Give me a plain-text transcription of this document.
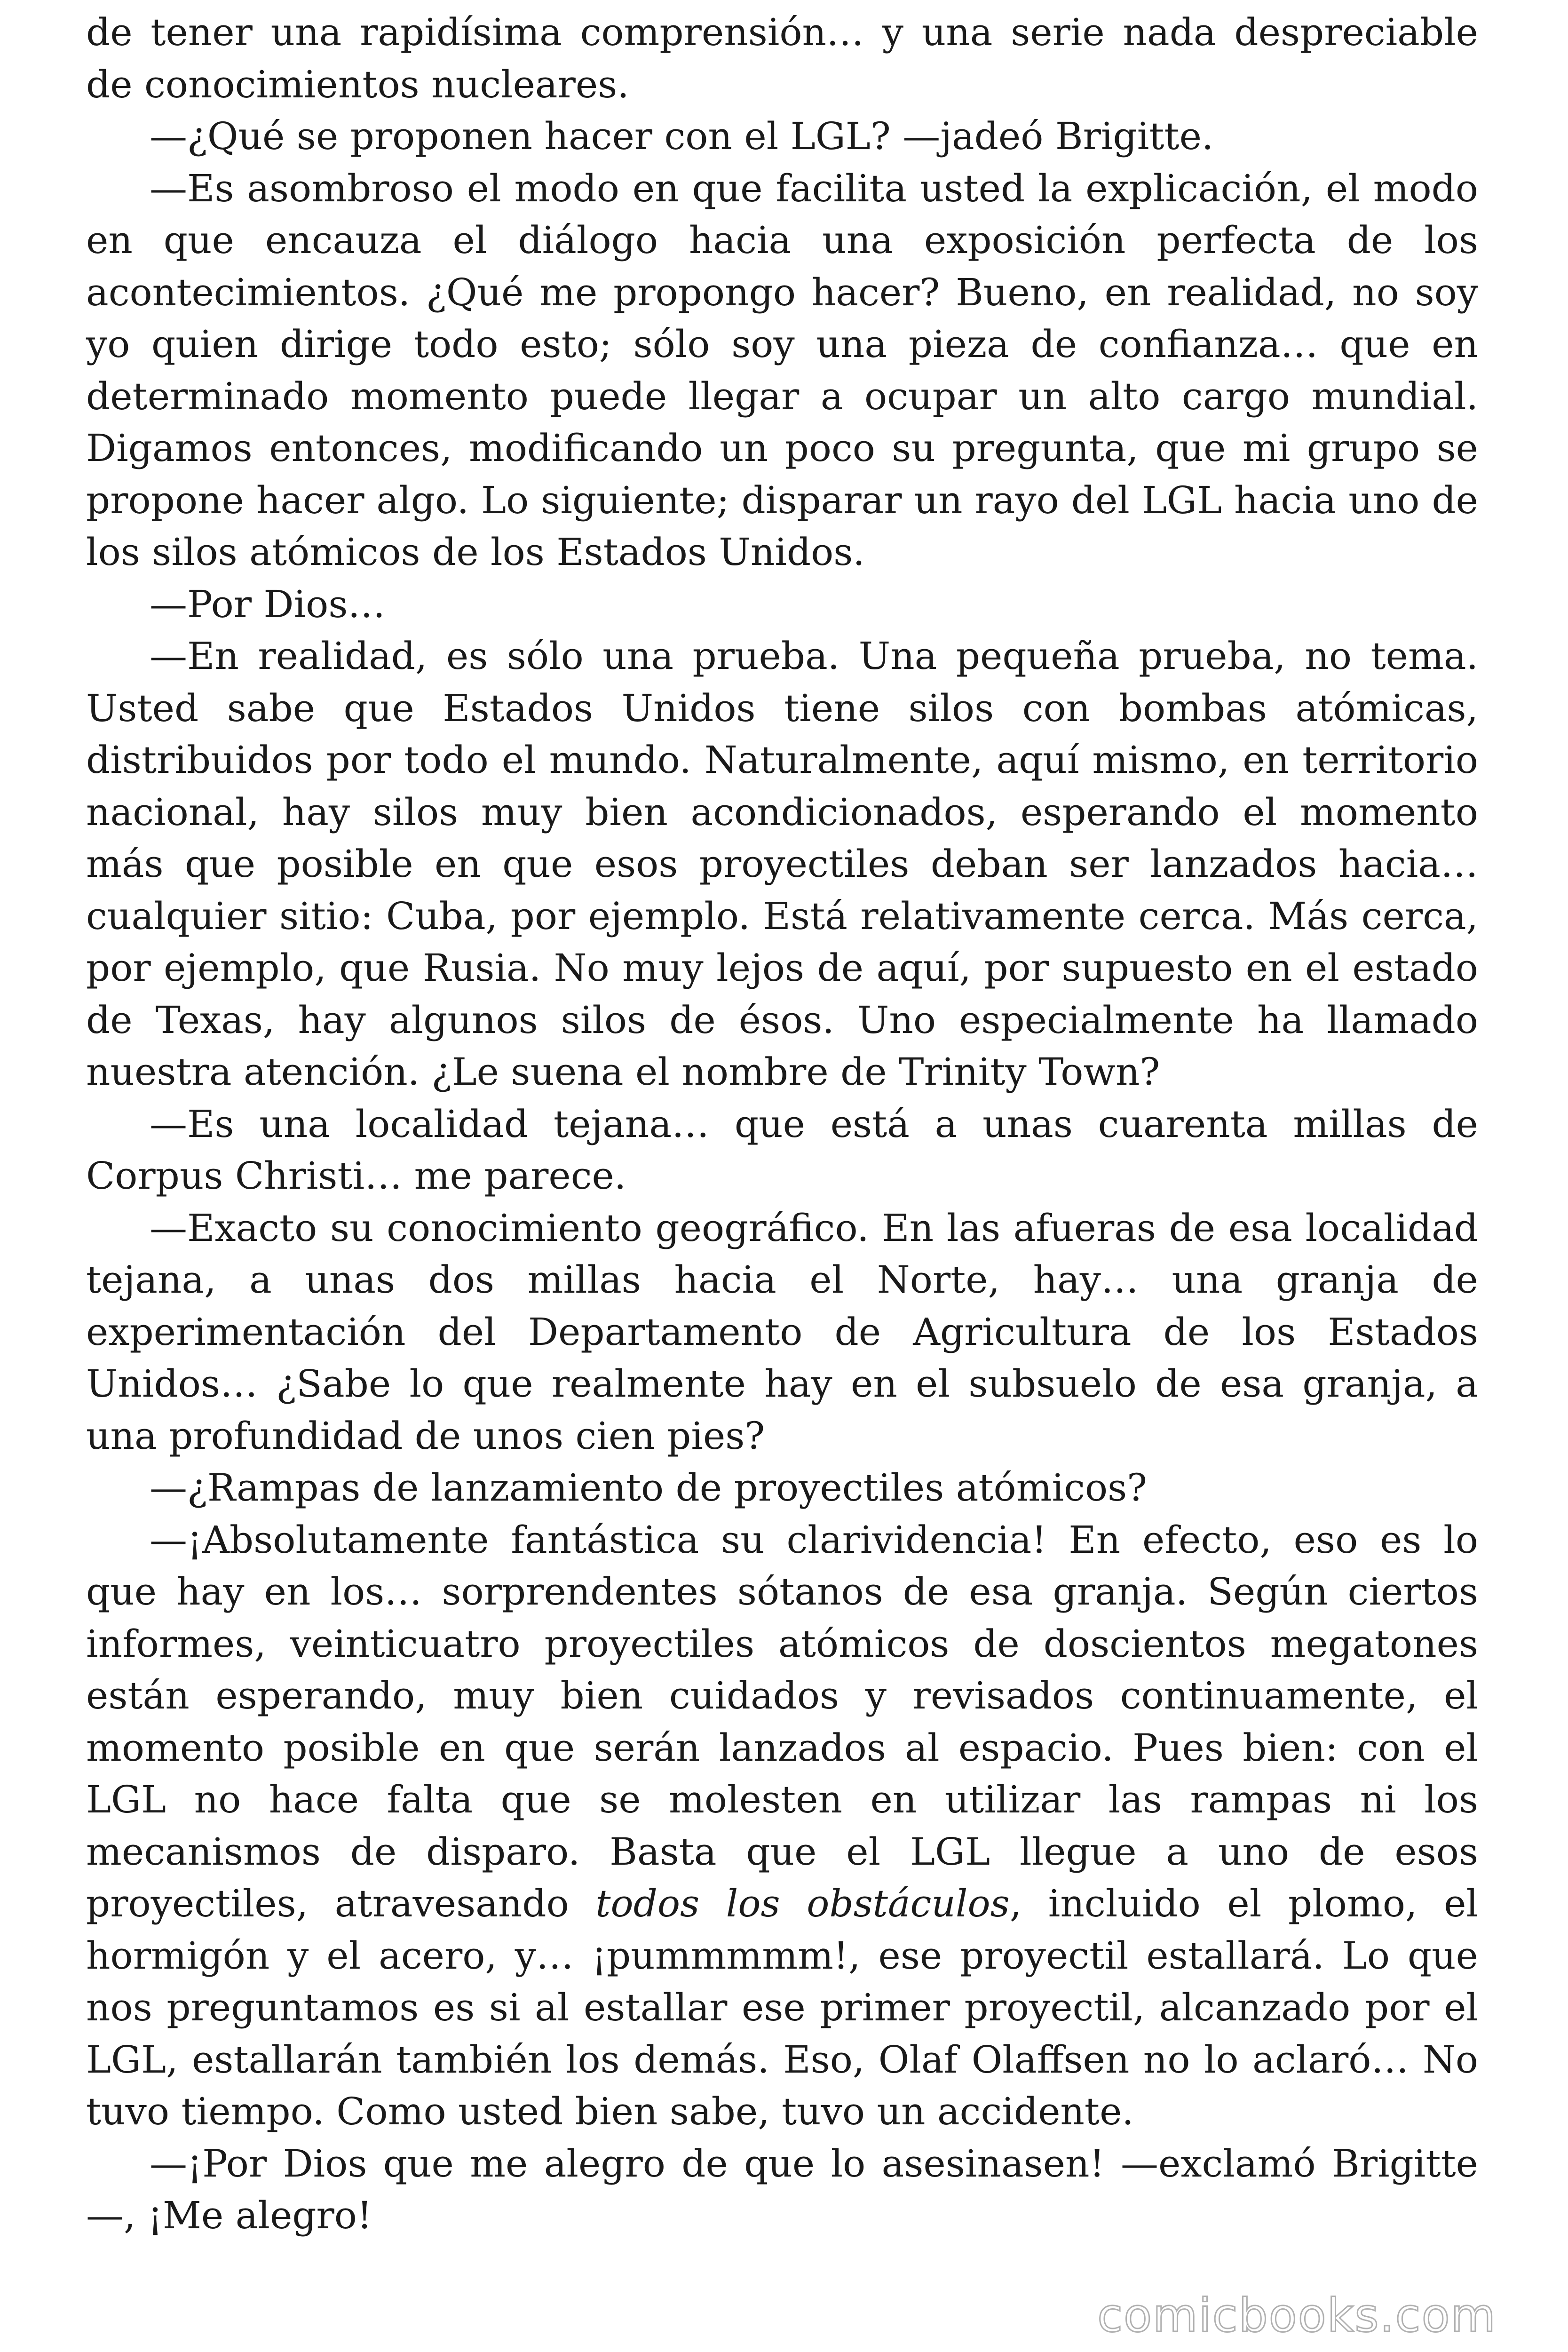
de tener una rapidísima comprensión… y una serie nada despreciable de conocimientos nucleares.

—¿Qué se proponen hacer con el LGL? —jadeó Brigitte.

—Es asombroso el modo en que facilita usted la explicación, el modo en que encauza el diálogo hacia una exposición perfecta de los acontecimientos. ¿Qué me propongo hacer? Bueno, en realidad, no soy yo quien dirige todo esto; sólo soy una pieza de confianza… que en determinado momento puede llegar a ocupar un alto cargo mundial. Digamos entonces, modificando un poco su pregunta, que mi grupo se propone hacer algo. Lo siguiente; disparar un rayo del LGL hacia uno de los silos atómicos de los Estados Unidos.

—Por Dios…

—En realidad, es sólo una prueba. Una pequeña prueba, no tema. Usted sabe que Estados Unidos tiene silos con bombas atómicas, distribuidos por todo el mundo. Naturalmente, aquí mismo, en territorio nacional, hay silos muy bien acondicionados, esperando el momento más que posible en que esos proyectiles deban ser lanzados hacia… cualquier sitio: Cuba, por ejemplo. Está relativamente cerca. Más cerca, por ejemplo, que Rusia. No muy lejos de aquí, por supuesto en el estado de Texas, hay algunos silos de ésos. Uno especialmente ha llamado nuestra atención. ¿Le suena el nombre de Trinity Town?

—Es una localidad tejana… que está a unas cuarenta millas de Corpus Christi… me parece.

—Exacto su conocimiento geográfico. En las afueras de esa localidad tejana, a unas dos millas hacia el Norte, hay… una granja de experimentación del Departamento de Agricultura de los Estados Unidos… ¿Sabe lo que realmente hay en el subsuelo de esa granja, a una profundidad de unos cien pies?

—¿Rampas de lanzamiento de proyectiles atómicos?

—¡Absolutamente fantástica su clarividencia! En efecto, eso es lo que hay en los… sorprendentes sótanos de esa granja. Según ciertos informes, veinticuatro proyectiles atómicos de doscientos megatones están esperando, muy bien cuidados y revisados continuamente, el momento posible en que serán lanzados al espacio. Pues bien: con el LGL no hace falta que se molesten en utilizar las rampas ni los mecanismos de disparo. Basta que el LGL llegue a uno de esos proyectiles, atravesando todos los obstáculos, incluido el plomo, el hormigón y el acero, y… ¡pummmmm!, ese proyectil estallará. Lo que nos preguntamos es si al estallar ese primer proyectil, alcanzado por el LGL, estallarán también los demás. Eso, Olaf Olaffsen no lo aclaró… No tuvo tiempo. Como usted bien sabe, tuvo un accidente.

—¡Por Dios que me alegro de que lo asesinasen! —exclamó Brigitte —, ¡Me alegro!

comicbooks.com
